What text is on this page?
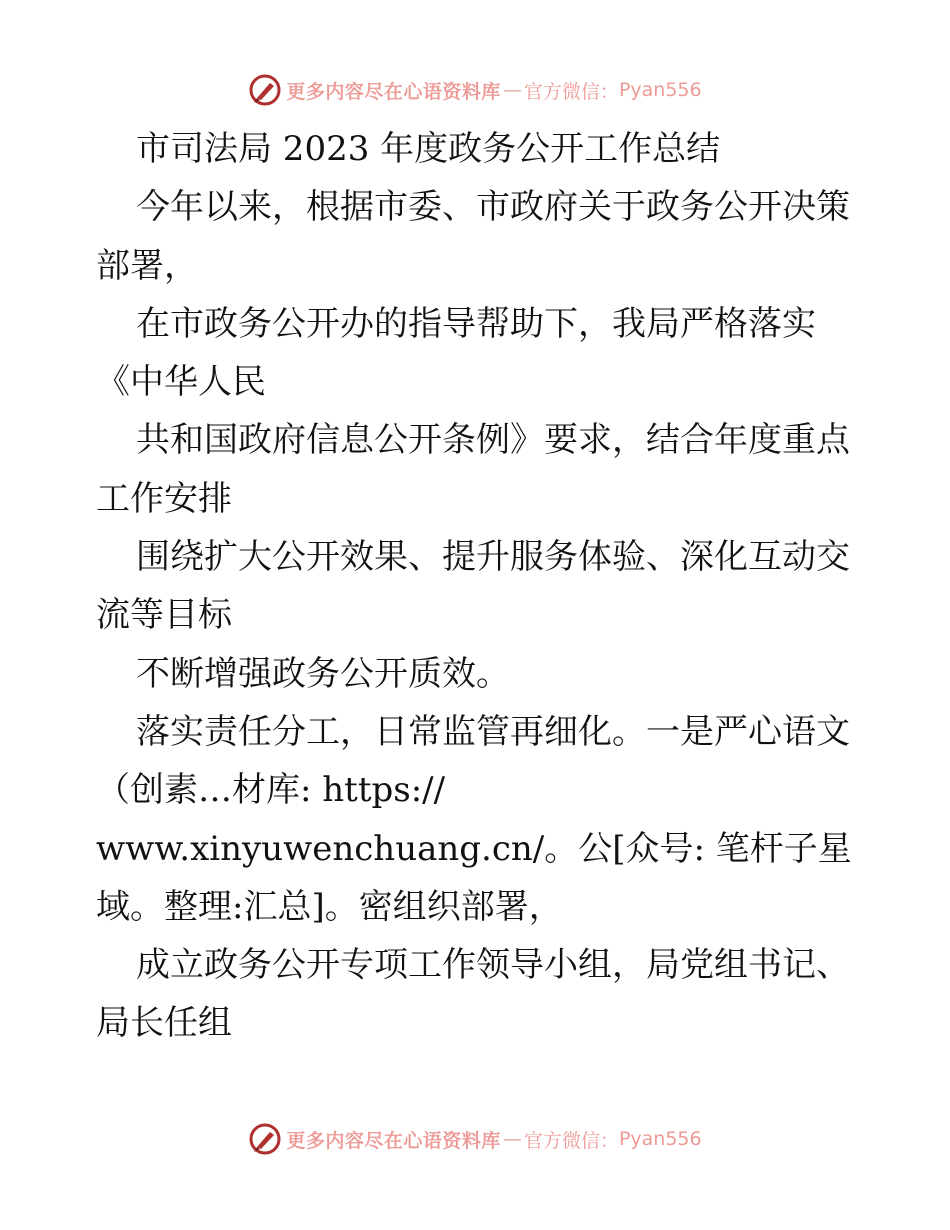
更多内容尽在心语资料库 — 官方微信： Pyan556
市司法局 2023 年度政务公开工作总结
今年以来，根据市委、市政府关于政务公开决策
部署，
在市政务公开办的指导帮助下，我局严格落实
《中华人民
共和国政府信息公开条例》要求，结合年度重点
工作安排
围绕扩大公开效果、提升服务体验、深化互动交
流等目标
不断增强政务公开质效。
落实责任分工，日常监管再细化。一是严心语文
（创素…材库: https://
www.xinyuwenchuang.cn/。公[众号: 笔杆子星
域。整理:汇总]。密组织部署，
成立政务公开专项工作领导小组，局党组书记、
局长任组
更多内容尽在心语资料库 — 官方微信： Pyan556
